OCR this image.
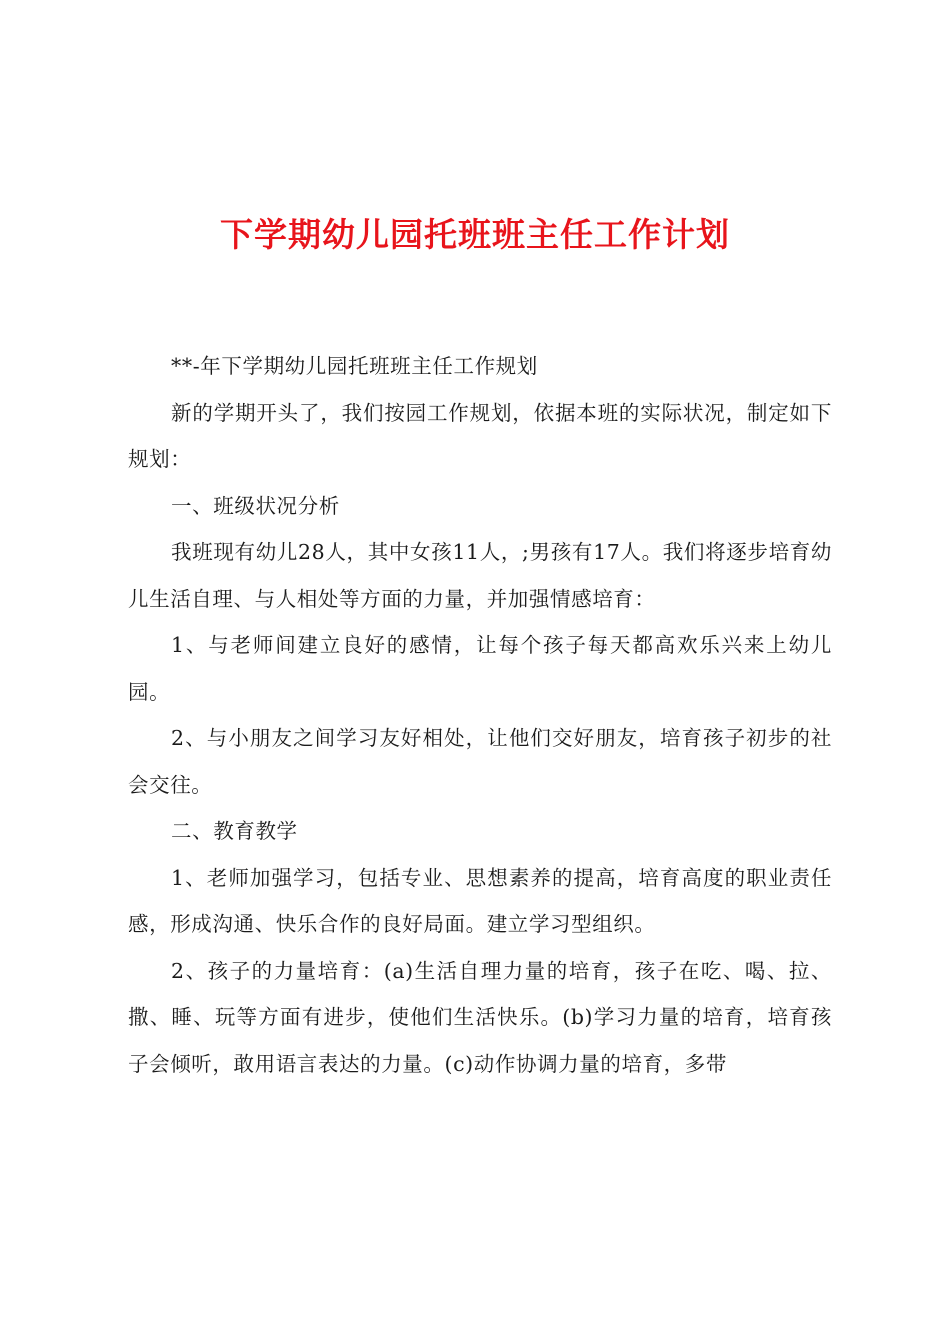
下学期幼儿园托班班主任工作计划

**-年下学期幼儿园托班班主任工作规划

新的学期开头了，我们按园工作规划，依据本班的实际状况，制定如下规划：

一、班级状况分析

我班现有幼儿28人，其中女孩11人，;男孩有17人。我们将逐步培育幼儿生活自理、与人相处等方面的力量，并加强情感培育：

1、与老师间建立良好的感情，让每个孩子每天都高欢乐兴来上幼儿园。

2、与小朋友之间学习友好相处，让他们交好朋友，培育孩子初步的社会交往。

二、教育教学

1、老师加强学习，包括专业、思想素养的提高，培育高度的职业责任感，形成沟通、快乐合作的良好局面。建立学习型组织。

2、孩子的力量培育：(a)生活自理力量的培育，孩子在吃、喝、拉、撒、睡、玩等方面有进步，使他们生活快乐。(b)学习力量的培育，培育孩子会倾听，敢用语言表达的力量。(c)动作协调力量的培育，多带
